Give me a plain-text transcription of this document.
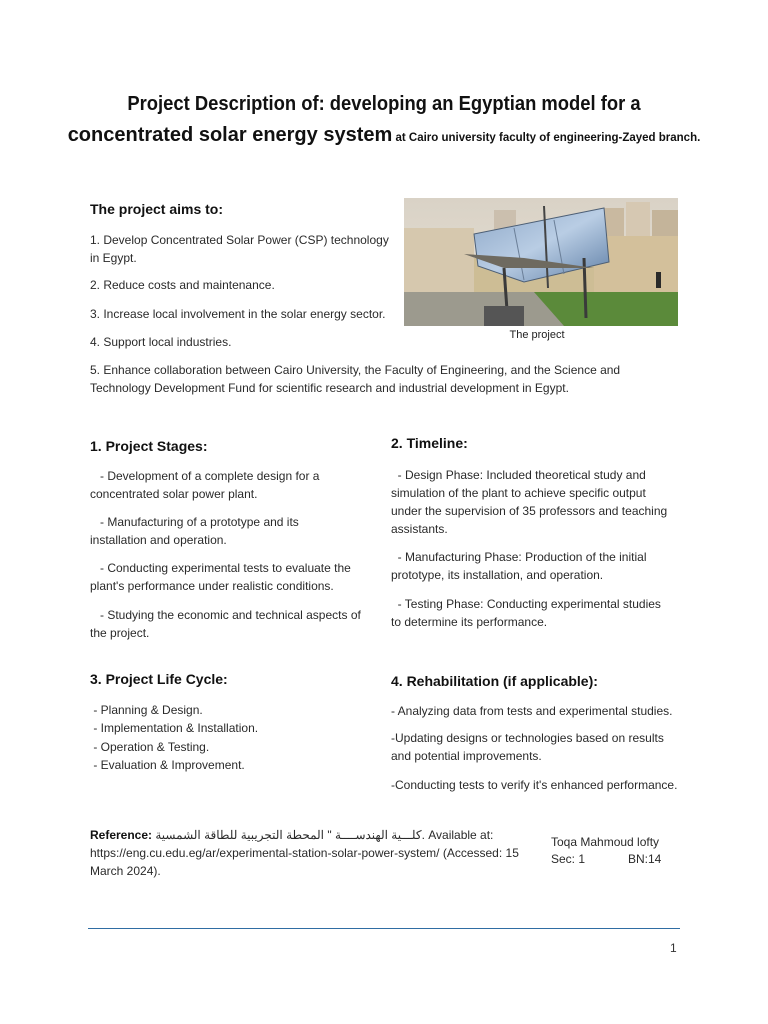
Project Description of: developing an Egyptian model for a
concentrated solar energy system at Cairo university faculty of engineering-Zayed branch.
The project aims to:
1. Develop Concentrated Solar Power (CSP) technology in Egypt.
2. Reduce costs and maintenance.
3. Increase local involvement in the solar energy sector.
4. Support local industries.
5. Enhance collaboration between Cairo University, the Faculty of Engineering, and the Science and Technology Development Fund for scientific research and industrial development in Egypt.
The project
1. Project Stages:
- Development of a complete design for a concentrated solar power plant.
- Manufacturing of a prototype and its installation and operation.
- Conducting experimental tests to evaluate the plant's performance under realistic conditions.
- Studying the economic and technical aspects of the project.
2. Timeline:
- Design Phase: Included theoretical study and simulation of the plant to achieve specific output under the supervision of 35 professors and teaching assistants.
- Manufacturing Phase: Production of the initial prototype, its installation, and operation.
- Testing Phase: Conducting experimental studies to determine its performance.
3. Project Life Cycle:
- Planning & Design.
- Implementation & Installation.
- Operation & Testing.
- Evaluation & Improvement.
4. Rehabilitation (if applicable):
- Analyzing data from tests and experimental studies.
-Updating designs or technologies based on results and potential improvements.
-Conducting tests to verify it's enhanced performance.
Reference: كلـــية الهندســــة " المحطة التجريبية للطاقة الشمسية. Available at:
https://eng.cu.edu.eg/ar/experimental-station-solar-power-system/ (Accessed: 15 March 2024).
Toqa Mahmoud lofty
Sec: 1	BN:14
1
